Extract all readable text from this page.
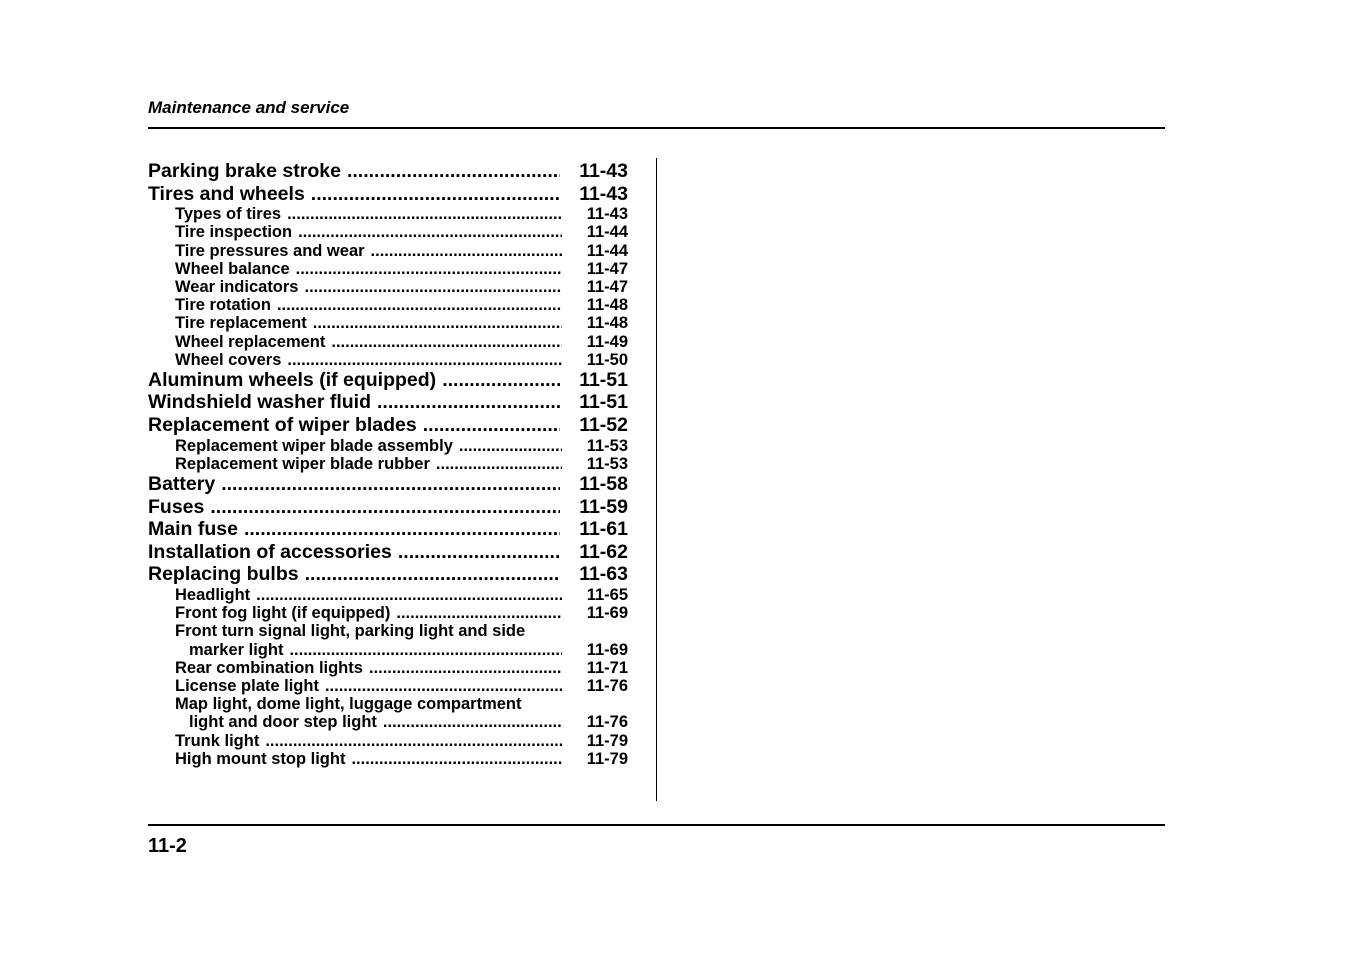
Maintenance and service
Parking brake stroke .....	11-43
Tires and wheels .....	11-43
Types of tires .....	11-43
Tire inspection .....	11-44
Tire pressures and wear .....	11-44
Wheel balance .....	11-47
Wear indicators .....	11-47
Tire rotation .....	11-48
Tire replacement .....	11-48
Wheel replacement .....	11-49
Wheel covers .....	11-50
Aluminum wheels (if equipped) .....	11-51
Windshield washer fluid .....	11-51
Replacement of wiper blades .....	11-52
Replacement wiper blade assembly .....	11-53
Replacement wiper blade rubber .....	11-53
Battery .....	11-58
Fuses .....	11-59
Main fuse .....	11-61
Installation of accessories .....	11-62
Replacing bulbs .....	11-63
Headlight .....	11-65
Front fog light (if equipped) .....	11-69
Front turn signal light, parking light and side
marker light .....	11-69
Rear combination lights .....	11-71
License plate light .....	11-76
Map light, dome light, luggage compartment
light and door step light .....	11-76
Trunk light .....	11-79
High mount stop light .....	11-79
11-2
